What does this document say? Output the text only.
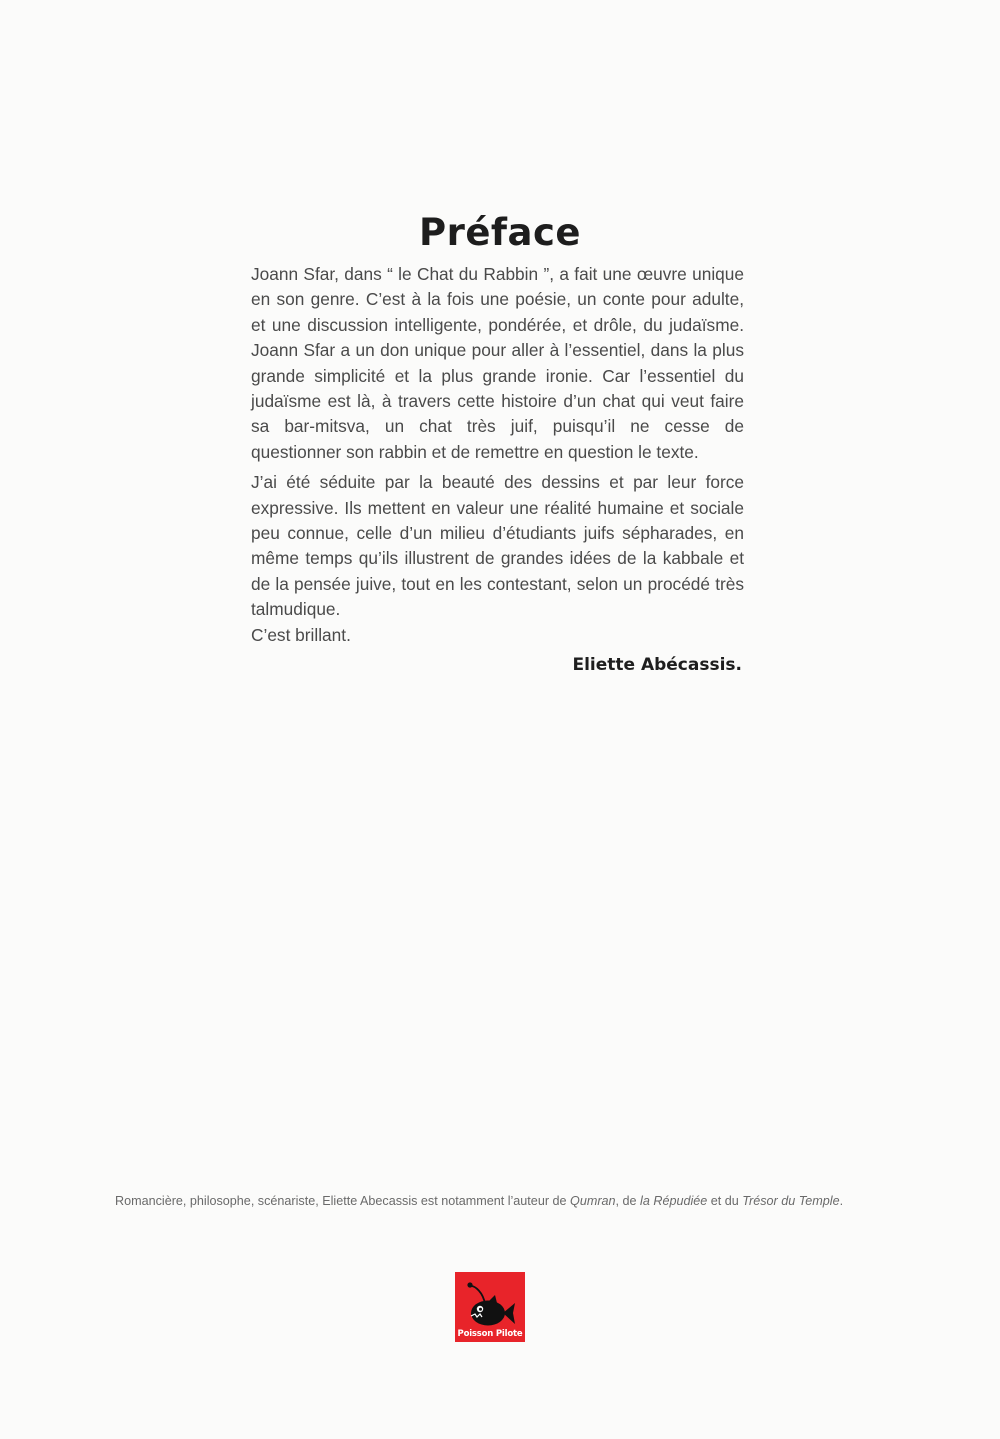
Préface

Joann Sfar, dans “ le Chat du Rabbin ”, a fait une œuvre unique en son genre. C’est à la fois une poésie, un conte pour adulte, et une discussion intelligente, pondérée, et drôle, du judaïsme. Joann Sfar a un don unique pour aller à l’essentiel, dans la plus grande simplicité et la plus grande ironie. Car l’essentiel du judaïsme est là, à travers cette histoire d’un chat qui veut faire sa bar-mitsva, un chat très juif, puisqu’il ne cesse de questionner son rabbin et de remettre en question le texte.

J’ai été séduite par la beauté des dessins et par leur force expressive. Ils mettent en valeur une réalité humaine et sociale peu connue, celle d’un milieu d’étudiants juifs sépharades, en même temps qu’ils illustrent de grandes idées de la kabbale et de la pensée juive, tout en les contestant, selon un procédé très talmudique.

C’est brillant.

Eliette Abécassis.
Romancière, philosophe, scénariste, Eliette Abecassis est notamment l’auteur de Qumran, de la Répudiée et du Trésor du Temple.
Poisson Pilote
